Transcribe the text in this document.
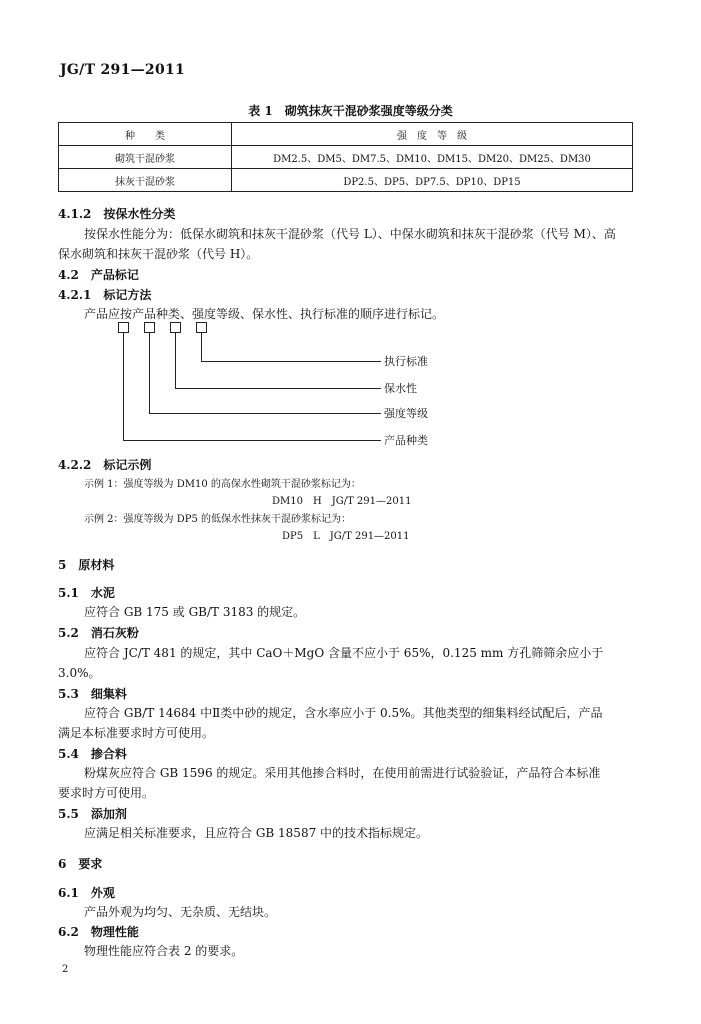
JG/T 291—2011
表 1　砌筑抹灰干混砂浆强度等级分类
种　　类	强　度　等　级
砌筑干混砂浆	DM2.5、DM5、DM7.5、DM10、DM15、DM20、DM25、DM30
抹灰干混砂浆	DP2.5、DP5、DP7.5、DP10、DP15
4.1.2　按保水性分类
按保水性能分为：低保水砌筑和抹灰干混砂浆（代号 L）、中保水砌筑和抹灰干混砂浆（代号 M）、高
保水砌筑和抹灰干混砂浆（代号 H）。
4.2　产品标记
4.2.1　标记方法
产品应按产品种类、强度等级、保水性、执行标准的顺序进行标记。
执行标准
保水性
强度等级
产品种类
4.2.2　标记示例
示例 1：强度等级为 DM10 的高保水性砌筑干混砂浆标记为：
DM10　H　JG/T 291—2011
示例 2：强度等级为 DP5 的低保水性抹灰干混砂浆标记为：
DP5　L　JG/T 291—2011
5　原材料
5.1　水泥
应符合 GB 175 或 GB/T 3183 的规定。
5.2　消石灰粉
应符合 JC/T 481 的规定，其中 CaO＋MgO 含量不应小于 65%，0.125 mm 方孔筛筛余应小于
3.0%。
5.3　细集料
应符合 GB/T 14684 中Ⅱ类中砂的规定，含水率应小于 0.5%。其他类型的细集料经试配后，产品
满足本标准要求时方可使用。
5.4　掺合料
粉煤灰应符合 GB 1596 的规定。采用其他掺合料时，在使用前需进行试验验证，产品符合本标准
要求时方可使用。
5.5　添加剂
应满足相关标准要求，且应符合 GB 18587 中的技术指标规定。
6　要求
6.1　外观
产品外观为均匀、无杂质、无结块。
6.2　物理性能
物理性能应符合表 2 的要求。
2
